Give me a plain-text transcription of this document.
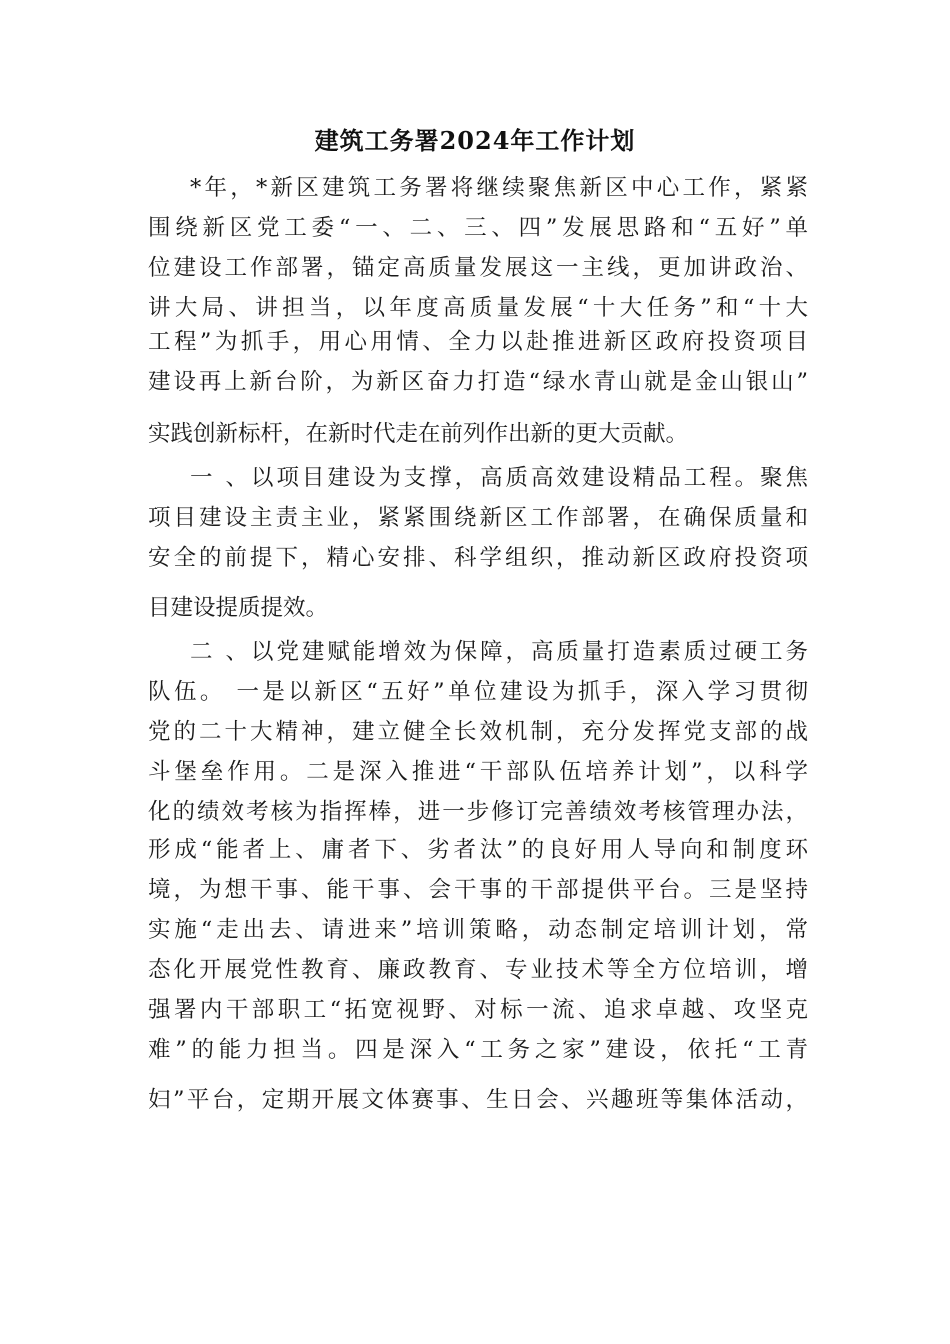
建筑工务署2024年工作计划
*年，*新区建筑工务署将继续聚焦新区中心工作，紧紧
围绕新区党工委“一、二、三、四”发展思路和“五好”单
位建设工作部署，锚定高质量发展这一主线，更加讲政治、
讲大局、讲担当，以年度高质量发展“十大任务”和“十大
工程”为抓手，用心用情、全力以赴推进新区政府投资项目
建设再上新台阶，为新区奋力打造“绿水青山就是金山银山”
实践创新标杆，在新时代走在前列作出新的更大贡献。
一 、以项目建设为支撑，高质高效建设精品工程。聚焦
项目建设主责主业，紧紧围绕新区工作部署，在确保质量和
安全的前提下，精心安排、科学组织，推动新区政府投资项
目建设提质提效。
二 、以党建赋能增效为保障，高质量打造素质过硬工务
队伍。 一是以新区“五好”单位建设为抓手，深入学习贯彻
党的二十大精神，建立健全长效机制，充分发挥党支部的战
斗堡垒作用。二是深入推进“干部队伍培养计划”，以科学
化的绩效考核为指挥棒，进一步修订完善绩效考核管理办法，
形成“能者上、庸者下、劣者汰”的良好用人导向和制度环
境，为想干事、能干事、会干事的干部提供平台。三是坚持
实施“走出去、请进来”培训策略，动态制定培训计划，常
态化开展党性教育、廉政教育、专业技术等全方位培训，增
强署内干部职工“拓宽视野、对标一流、追求卓越、攻坚克
难”的能力担当。四是深入“工务之家”建设，依托“工青
妇”平台，定期开展文体赛事、生日会、兴趣班等集体活动，
